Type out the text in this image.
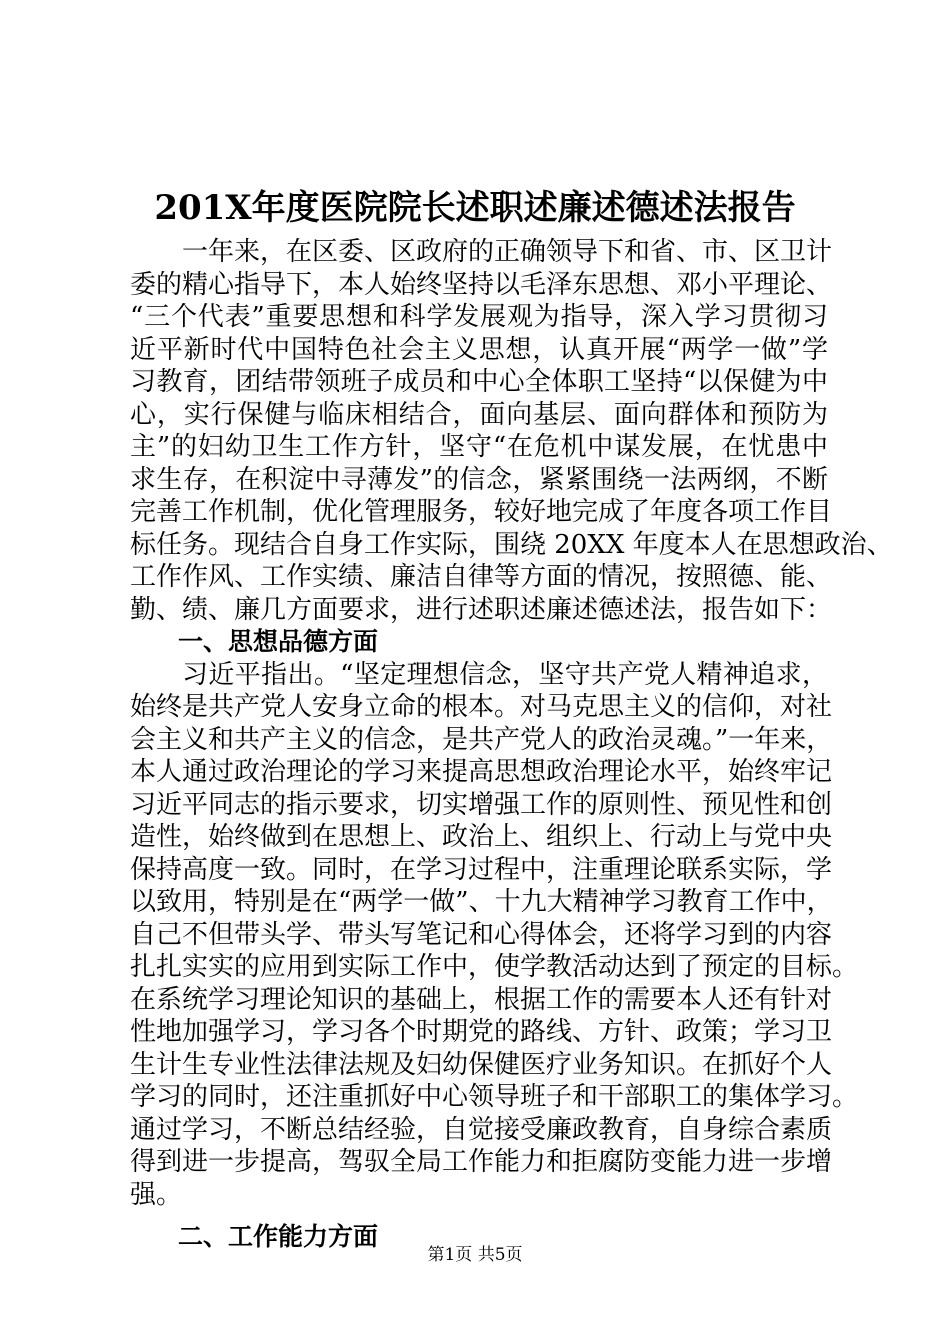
201X年度医院院长述职述廉述德述法报告
一年来，在区委、区政府的正确领导下和省、市、区卫计
委的精心指导下，本人始终坚持以毛泽东思想、邓小平理论、
“三个代表”重要思想和科学发展观为指导，深入学习贯彻习
近平新时代中国特色社会主义思想，认真开展“两学一做”学
习教育，团结带领班子成员和中心全体职工坚持“以保健为中
心，实行保健与临床相结合，面向基层、面向群体和预防为
主”的妇幼卫生工作方针，坚守“在危机中谋发展，在忧患中
求生存，在积淀中寻薄发”的信念，紧紧围绕一法两纲，不断
完善工作机制，优化管理服务，较好地完成了年度各项工作目
标任务。现结合自身工作实际，围绕 20XX 年度本人在思想政治、
工作作风、工作实绩、廉洁自律等方面的情况，按照德、能、
勤、绩、廉几方面要求，进行述职述廉述德述法，报告如下：
一、思想品德方面
习近平指出。“坚定理想信念，坚守共产党人精神追求，
始终是共产党人安身立命的根本。对马克思主义的信仰，对社
会主义和共产主义的信念，是共产党人的政治灵魂。”一年来，
本人通过政治理论的学习来提高思想政治理论水平，始终牢记
习近平同志的指示要求，切实增强工作的原则性、预见性和创
造性，始终做到在思想上、政治上、组织上、行动上与党中央
保持高度一致。同时，在学习过程中，注重理论联系实际，学
以致用，特别是在“两学一做”、十九大精神学习教育工作中，
自己不但带头学、带头写笔记和心得体会，还将学习到的内容
扎扎实实的应用到实际工作中，使学教活动达到了预定的目标。
在系统学习理论知识的基础上，根据工作的需要本人还有针对
性地加强学习，学习各个时期党的路线、方针、政策；学习卫
生计生专业性法律法规及妇幼保健医疗业务知识。在抓好个人
学习的同时，还注重抓好中心领导班子和干部职工的集体学习。
通过学习，不断总结经验，自觉接受廉政教育，自身综合素质
得到进一步提高，驾驭全局工作能力和拒腐防变能力进一步增
强。
二、工作能力方面
第1页 共5页
